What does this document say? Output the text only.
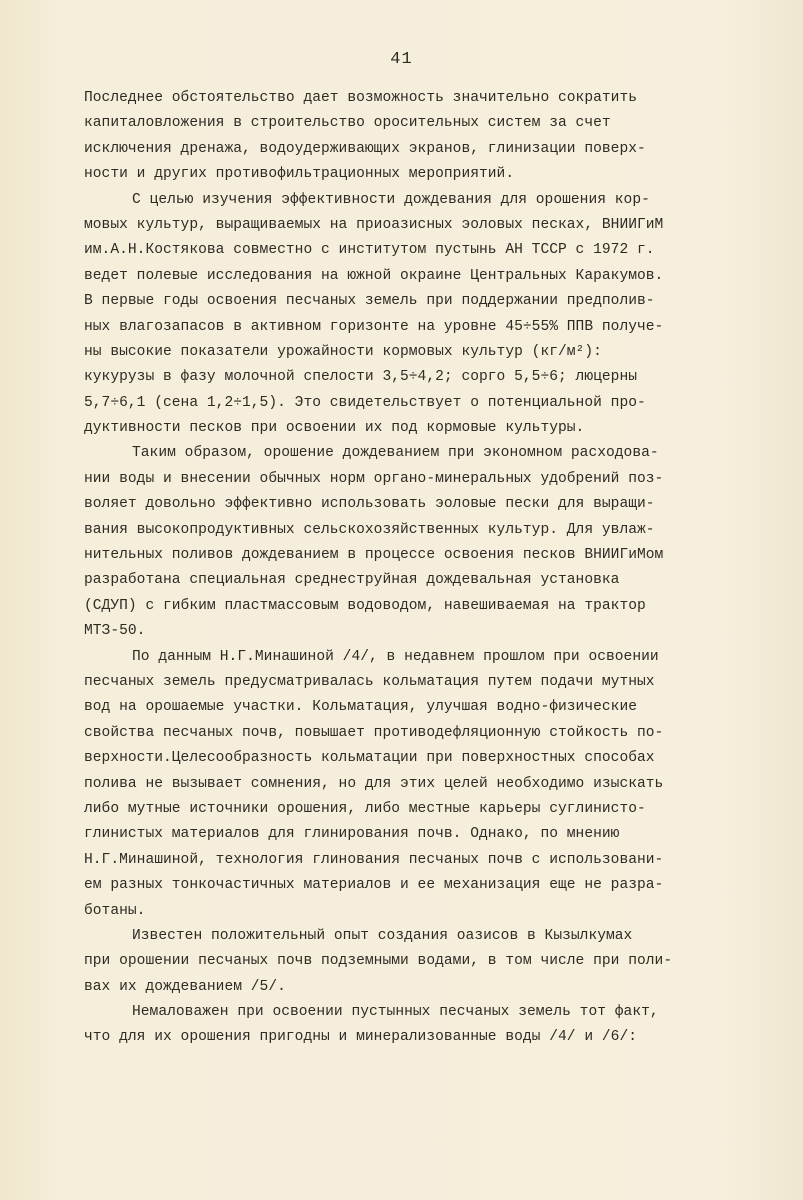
41
Последнее обстоятельство дает возможность значительно сократить
капиталовложения в строительство оросительных систем за счет
исключения дренажа, водоудерживающих экранов, глинизации поверх-
ности и других противофильтрационных мероприятий.
С целью изучения эффективности дождевания для орошения кор-
мовых культур, выращиваемых на приоазисных эоловых песках, ВНИИГиМ
им.А.Н.Костякова совместно с институтом пустынь АН ТССР с 1972 г.
ведет полевые исследования на южной окраине Центральных Каракумов.
В первые годы освоения песчаных земель при поддержании предполив-
ных влагозапасов в активном горизонте на уровне 45÷55% ППВ получе-
ны высокие показатели урожайности кормовых культур (кг/м²):
кукурузы в фазу молочной спелости 3,5÷4,2; сорго 5,5÷6; люцерны
5,7÷6,1 (сена 1,2÷1,5). Это свидетельствует о потенциальной про-
дуктивности песков при освоении их под кормовые культуры.
Таким образом, орошение дождеванием при экономном расходова-
нии воды и внесении обычных норм органо-минеральных удобрений поз-
воляет довольно эффективно использовать эоловые пески для выращи-
вания высокопродуктивных сельскохозяйственных культур. Для увлаж-
нительных поливов дождеванием в процессе освоения песков ВНИИГиМом
разработана специальная среднеструйная дождевальная установка
(СДУП) с гибким пластмассовым водоводом, навешиваемая на трактор
МТЗ-50.
По данным Н.Г.Минашиной /4/, в недавнем прошлом при освоении
песчаных земель предусматривалась кольматация путем подачи мутных
вод на орошаемые участки. Кольматация, улучшая водно-физические
свойства песчаных почв, повышает противодефляционную стойкость по-
верхности.Целесообразность кольматации при поверхностных способах
полива не вызывает сомнения, но для этих целей необходимо изыскать
либо мутные источники орошения, либо местные карьеры суглинисто-
глинистых материалов для глинирования почв. Однако, по мнению
Н.Г.Минашиной, технология глинования песчаных почв с использовани-
ем разных тонкочастичных материалов и ее механизация еще не разра-
ботаны.
Известен положительный опыт создания оазисов в Кызылкумах
при орошении песчаных почв подземными водами, в том числе при поли-
вах их дождеванием /5/.
Немаловажен при освоении пустынных песчаных земель тот факт,
что для их орошения пригодны и минерализованные воды /4/ и /6/:
